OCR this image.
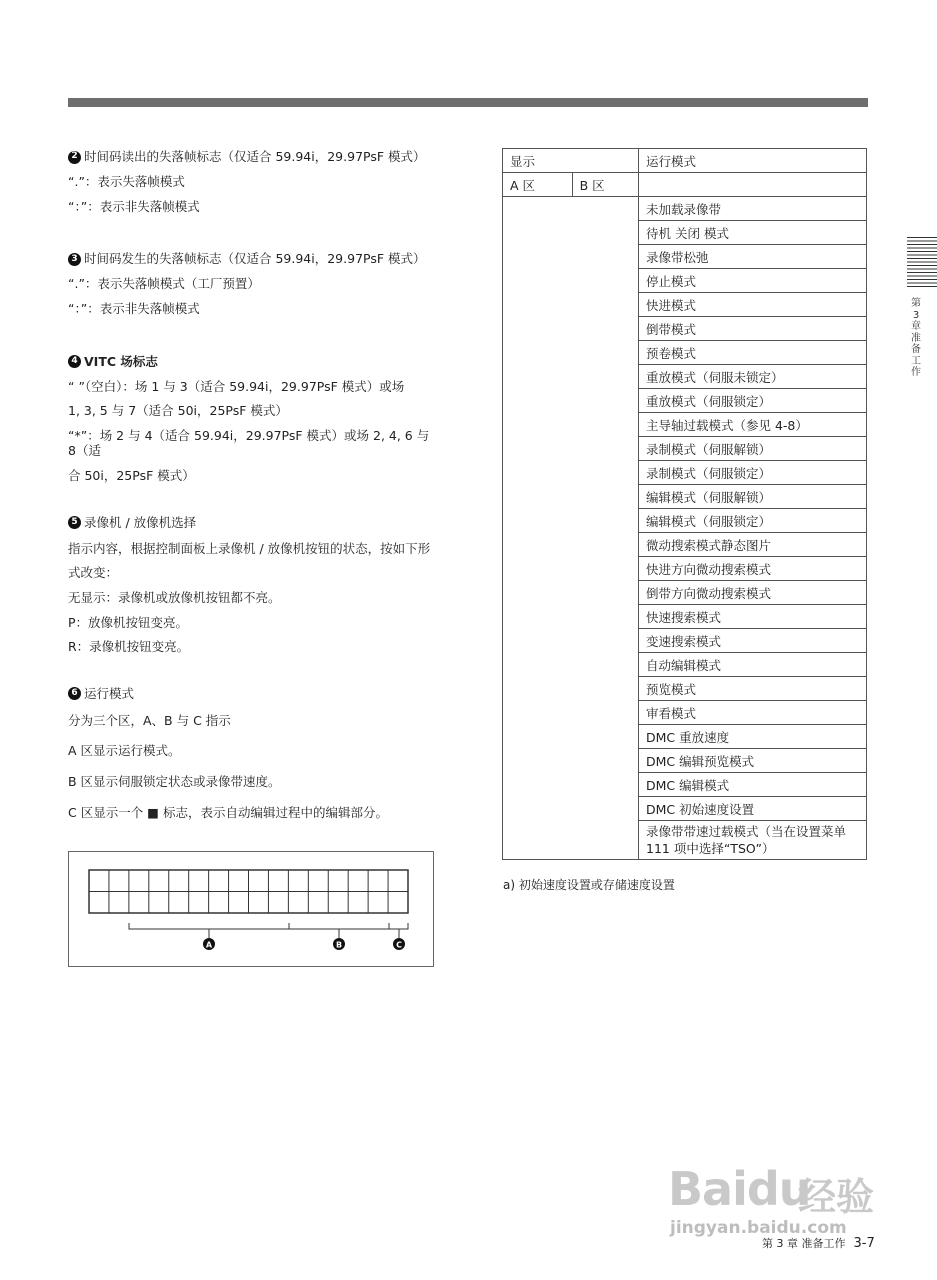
2 时间码读出的失落帧标志（仅适合 59.94i，29.97PsF 模式）

“.”：表示失落帧模式

“：”：表示非失落帧模式

3 时间码发生的失落帧标志（仅适合 59.94i，29.97PsF 模式）

“.”：表示失落帧模式（工厂预置）

“：”：表示非失落帧模式

4 VITC 场标志

“ ”（空白）：场 1 与 3（适合 59.94i，29.97PsF 模式）或场

1, 3, 5 与 7（适合 50i，25PsF 模式）

“*”：场 2 与 4（适合 59.94i，29.97PsF 模式）或场 2, 4, 6 与 8（适

合 50i，25PsF 模式）

5 录像机 / 放像机选择

指示内容，根据控制面板上录像机 / 放像机按钮的状态，按如下形

式改变：

无显示：录像机或放像机按钮都不亮。

P：放像机按钮变亮。

R：录像机按钮变亮。

6 运行模式

分为三个区，A、B 与 C 指示

A 区显示运行模式。

B 区显示伺服锁定状态或录像带速度。

C 区显示一个 ■ 标志，表示自动编辑过程中的编辑部分。

A	B	C
显示		运行模式
A 区	B 区	
		未加载录像带
		待机 关闭 模式
		录像带松弛
		停止模式
		快进模式
		倒带模式
		预卷模式
		重放模式（伺服未锁定）
		重放模式（伺服锁定）
		主导轴过载模式（参见 4-8）
		录制模式（伺服解锁）
		录制模式（伺服锁定）
		编辑模式（伺服解锁）
		编辑模式（伺服锁定）
		微动搜索模式静态图片
		快进方向微动搜索模式
		倒带方向微动搜索模式
		快速搜索模式
		变速搜索模式
		自动编辑模式
		预览模式
		审看模式
		DMC 重放速度
		DMC 编辑预览模式
		DMC 编辑模式
		DMC 初始速度设置

		录像带带速过载模式（当在设置菜单
111 项中选择“TSO”）
a) 初始速度设置或存储速度设置
第 3 章 准备工作
Baidu
经验
jingyan.baidu.com
第 3 章 准备工作 3-7
